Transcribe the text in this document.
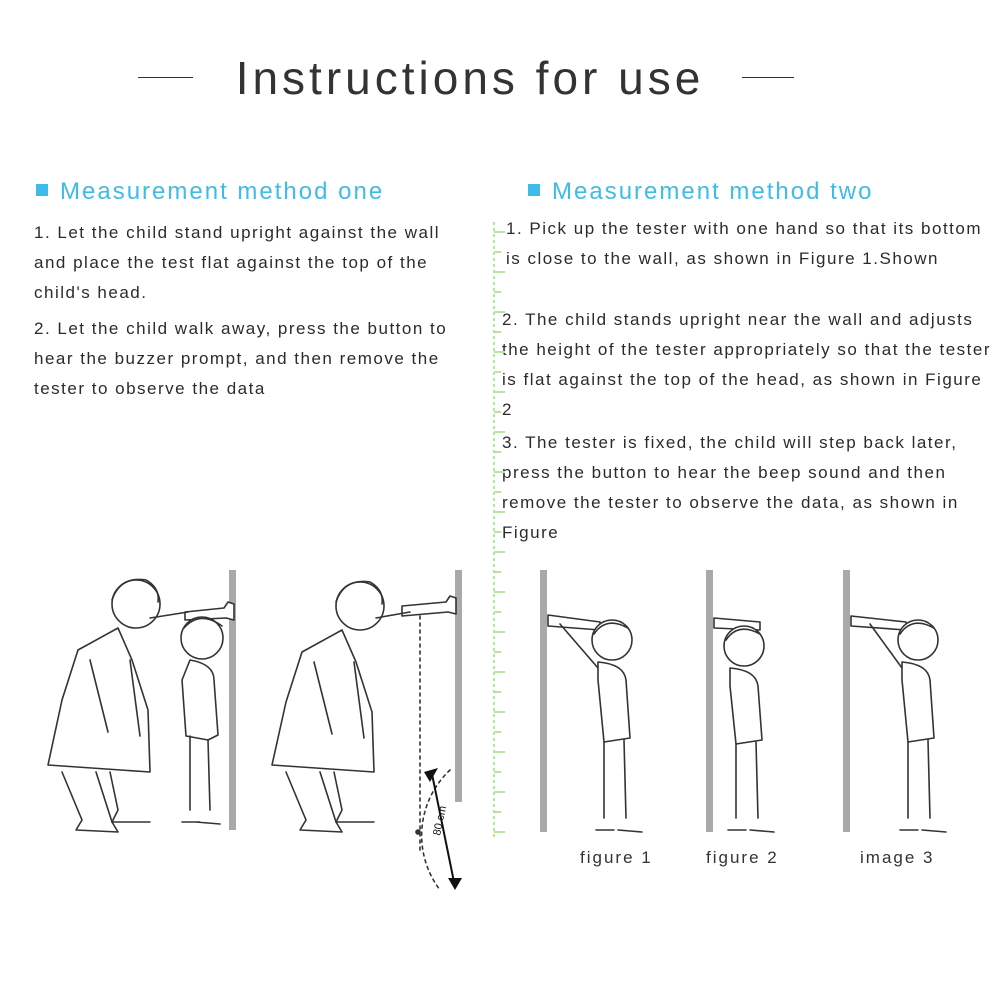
Instructions for use
Measurement method one	Measurement method two

1. Let the child stand upright against the wall and place the test flat against the top of the child's head.

2. Let the child walk away, press the button to hear the buzzer prompt, and then remove the tester to observe the data

1. Pick up the tester with one hand so that its bottom is close to the wall, as shown in Figure 1.Shown

2. The child stands upright near the wall and adjusts the height of the tester appropriately so that the tester is flat against the top of the head, as shown in Figure 2

3. The tester is fixed, the child will step back later, press the button to hear the beep sound and then remove the tester to observe the data, as shown in Figure

80 cm
figure 1	figure 2	image 3
